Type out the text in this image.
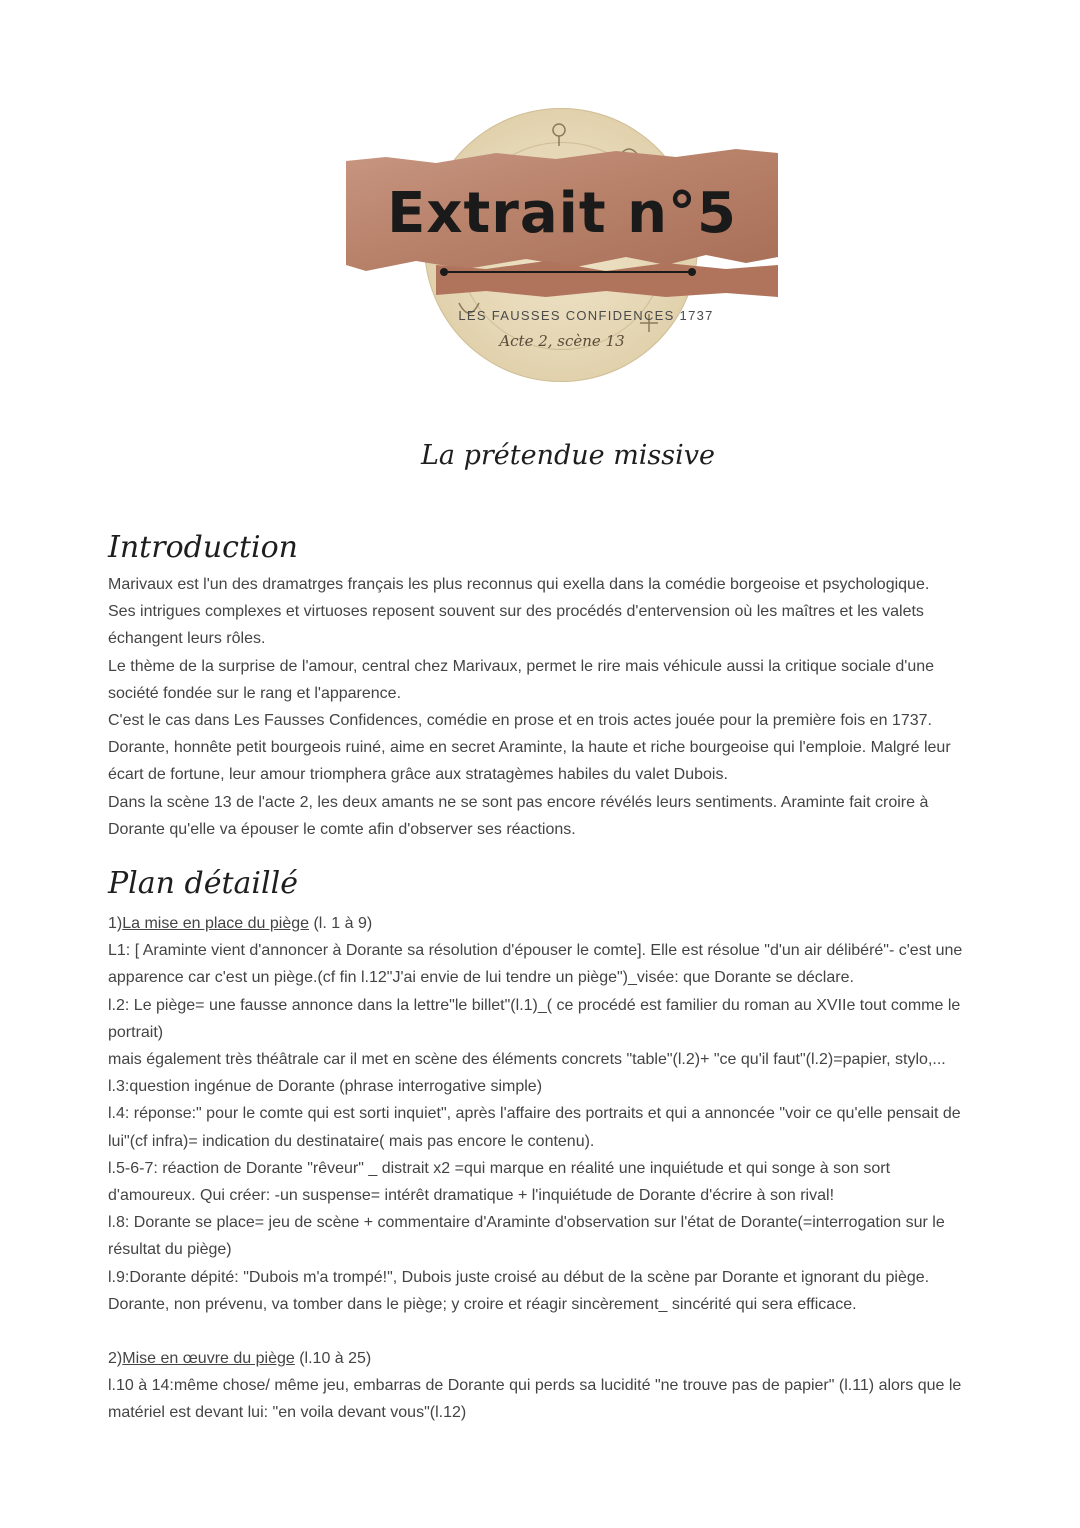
Extrait n°5
LES FAUSSES CONFIDENCES 1737
Acte 2, scène 13
La prétendue missive
Introduction

Marivaux est l'un des dramatrges français les plus reconnus qui exella dans la comédie borgeoise et psychologique.

Ses intrigues complexes et virtuoses reposent souvent sur des procédés d'entervension où les maîtres et les valets échangent leurs rôles.

Le thème de la surprise de l'amour, central chez Marivaux, permet le rire mais véhicule aussi la critique sociale d'une société fondée sur le rang et l'apparence.

C'est le cas dans Les Fausses Confidences, comédie en prose et en trois actes jouée pour la première fois en 1737.

Dorante, honnête petit bourgeois ruiné, aime en secret Araminte, la haute et riche bourgeoise qui l'emploie. Malgré leur écart de fortune, leur amour triomphera grâce aux stratagèmes habiles du valet Dubois.

Dans la scène 13 de l'acte 2, les deux amants ne se sont pas encore révélés leurs sentiments. Araminte fait croire à Dorante qu'elle va épouser le comte afin d'observer ses réactions.

Plan détaillé

1)La mise en place du piège (l. 1 à 9)

L1: [ Araminte vient d'annoncer à Dorante sa résolution d'épouser le comte]. Elle est résolue "d'un air délibéré"- c'est une apparence car c'est un piège.(cf fin l.12"J'ai envie de lui tendre un piège")_visée: que Dorante se déclare.

l.2: Le piège= une fausse annonce dans la lettre"le billet"(l.1)_( ce procédé est familier du roman au XVIIe tout comme le portrait)

mais également très théâtrale car il met en scène des éléments concrets "table"(l.2)+ "ce qu'il faut"(l.2)=papier, stylo,...

l.3:question ingénue de Dorante (phrase interrogative simple)

l.4: réponse:" pour le comte qui est sorti inquiet", après l'affaire des portraits et qui a annoncée "voir ce qu'elle pensait de lui"(cf infra)= indication du destinataire( mais pas encore le contenu).

l.5-6-7: réaction de Dorante "rêveur" _ distrait x2 =qui marque en réalité une inquiétude et qui songe à son sort d'amoureux. Qui créer: -un suspense= intérêt dramatique + l'inquiétude de Dorante d'écrire à son rival!

l.8: Dorante se place= jeu de scène + commentaire d'Araminte d'observation sur l'état de Dorante(=interrogation sur le résultat du piège)

l.9:Dorante dépité: "Dubois m'a trompé!", Dubois juste croisé au début de la scène par Dorante et ignorant du piège. Dorante, non prévenu, va tomber dans le piège; y croire et réagir sincèrement_ sincérité qui sera efficace.

2)Mise en œuvre du piège (l.10 à 25)

l.10 à 14:même chose/ même jeu, embarras de Dorante qui perds sa lucidité "ne trouve pas de papier" (l.11) alors que le matériel est devant lui: "en voila devant vous"(l.12)
